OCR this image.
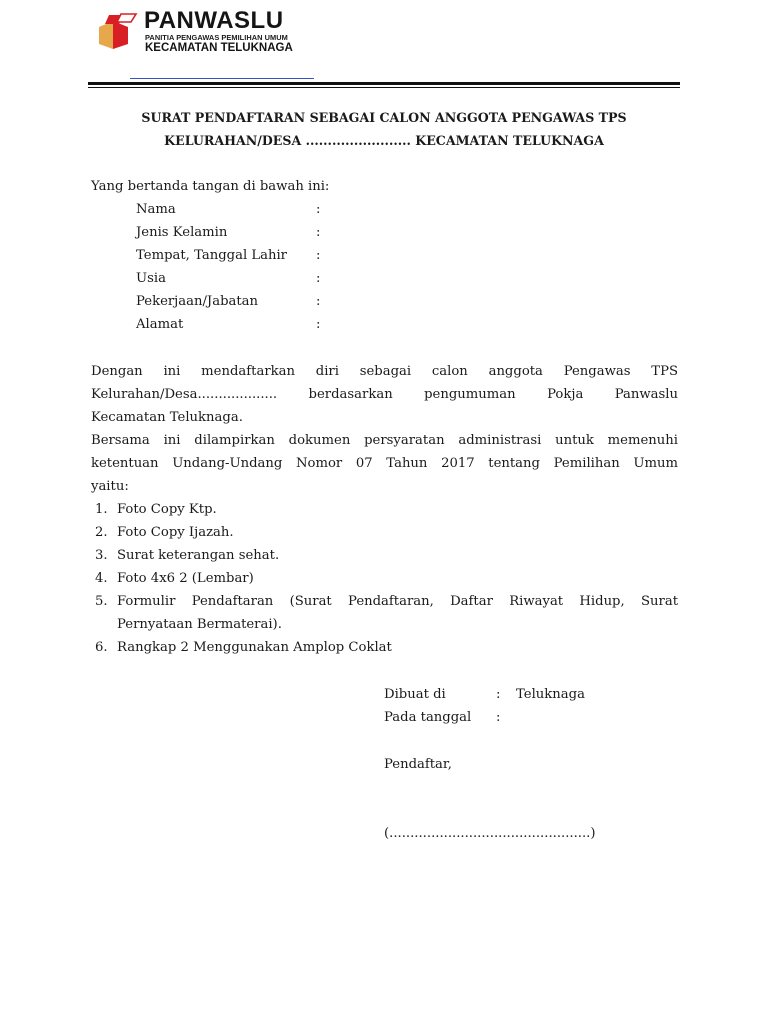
PANWASLU
PANITIA PENGAWAS PEMILIHAN UMUM
KECAMATAN TELUKNAGA
SURAT PENDAFTARAN SEBAGAI CALON ANGGOTA PENGAWAS TPS
KELURAHAN/DESA ........................ KECAMATAN TELUKNAGA
Yang bertanda tangan di bawah ini:
Nama	:
Jenis Kelamin	:
Tempat, Tanggal Lahir :
Usia	:
Pekerjaan/Jabatan	:
Alamat	:
Dengan ini mendaftarkan diri sebagai calon anggota Pengawas TPS
Kelurahan/Desa................... berdasarkan pengumuman Pokja Panwaslu
Kecamatan Teluknaga.
Bersama ini dilampirkan dokumen persyaratan administrasi untuk memenuhi
ketentuan Undang-Undang Nomor 07 Tahun 2017 tentang Pemilihan Umum
yaitu:
1. Foto Copy Ktp.
2. Foto Copy Ijazah.
3. Surat keterangan sehat.
4. Foto 4x6 2 (Lembar)
5. Formulir Pendaftaran (Surat Pendaftaran, Daftar Riwayat Hidup, Surat
Pernyataan Bermaterai).
6. Rangkap 2 Menggunakan Amplop Coklat
Dibuat di	: Teluknaga
Pada tanggal :
Pendaftar,
(................................................)
